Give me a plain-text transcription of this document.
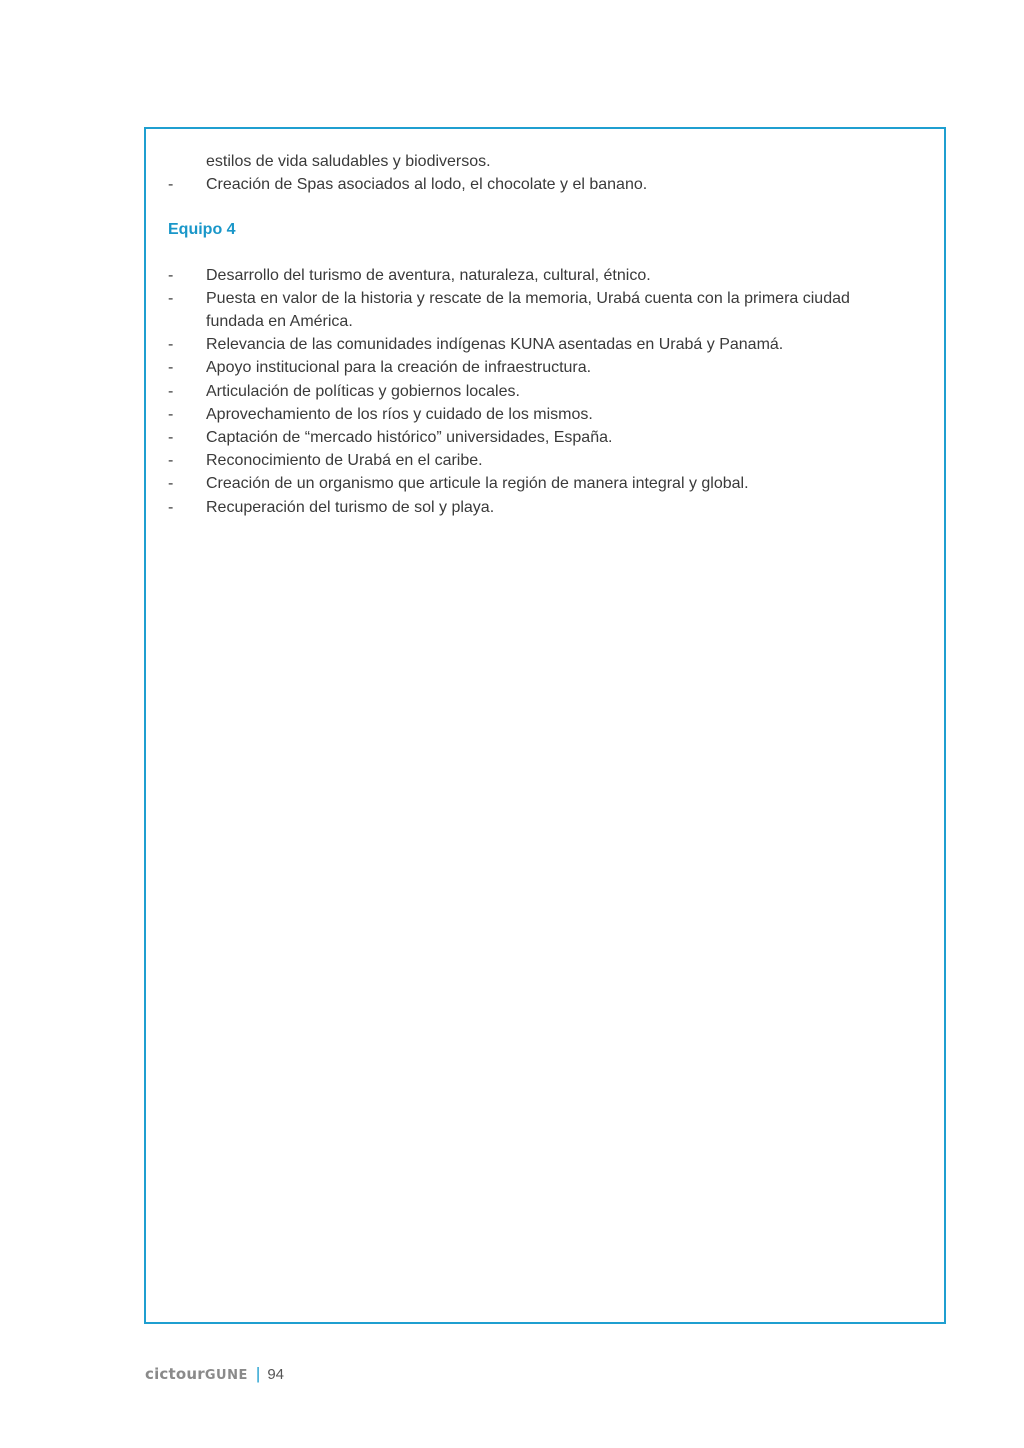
estilos de vida saludables y biodiversos.

- Creación de Spas asociados al lodo, el chocolate y el banano.
Equipo 4
- Desarrollo del turismo de aventura, naturaleza, cultural, étnico.
- Puesta en valor de la historia y rescate de la memoria, Urabá cuenta con la primera ciudad
fundada en América.
- Relevancia de las comunidades indígenas KUNA asentadas en Urabá y Panamá.
- Apoyo institucional para la creación de infraestructura.
- Articulación de políticas y gobiernos locales.
- Aprovechamiento de los ríos y cuidado de los mismos.
- Captación de “mercado histórico” universidades, España.
- Reconocimiento de Urabá en el caribe.
- Creación de un organismo que articule la región de manera integral y global.
- Recuperación del turismo de sol y playa.
cictourGUNE | 94
